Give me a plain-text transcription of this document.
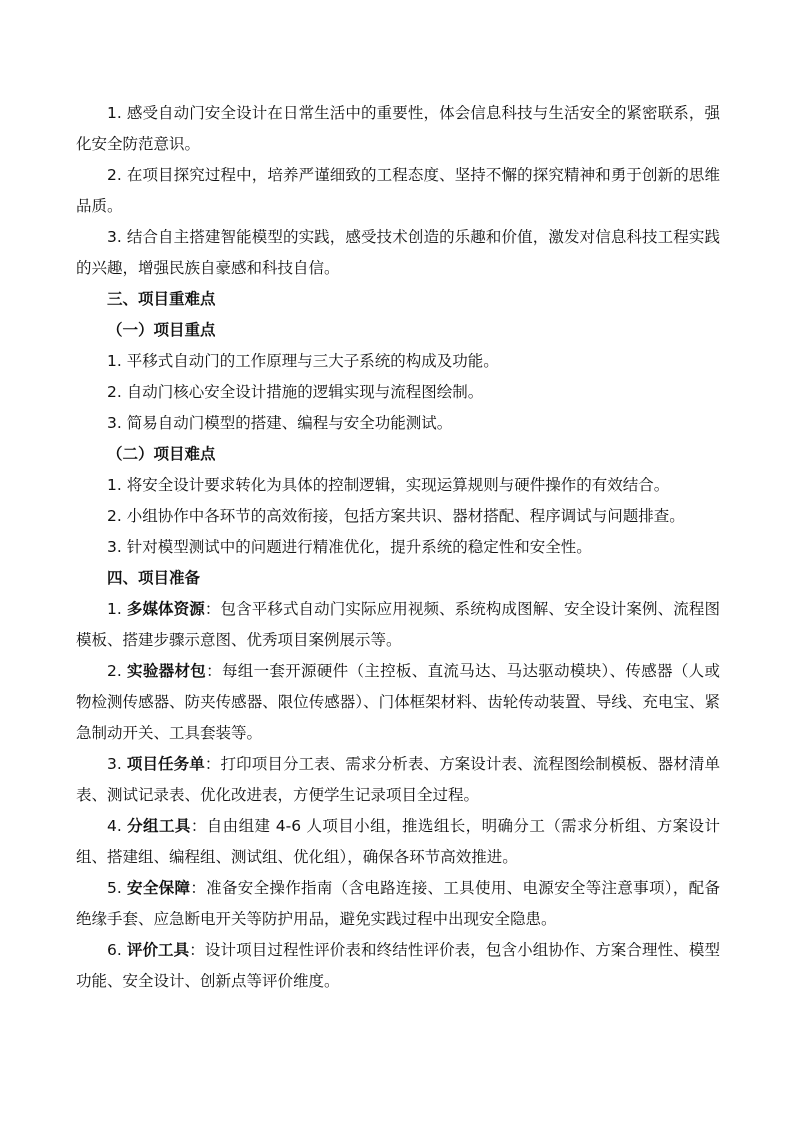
1. 感受自动门安全设计在日常生活中的重要性，体会信息科技与生活安全的紧密联系，强化安全防范意识。

2. 在项目探究过程中，培养严谨细致的工程态度、坚持不懈的探究精神和勇于创新的思维品质。

3. 结合自主搭建智能模型的实践，感受技术创造的乐趣和价值，激发对信息科技工程实践的兴趣，增强民族自豪感和科技自信。

三、项目重难点

（一）项目重点

1. 平移式自动门的工作原理与三大子系统的构成及功能。

2. 自动门核心安全设计措施的逻辑实现与流程图绘制。

3. 简易自动门模型的搭建、编程与安全功能测试。

（二）项目难点

1. 将安全设计要求转化为具体的控制逻辑，实现运算规则与硬件操作的有效结合。

2. 小组协作中各环节的高效衔接，包括方案共识、器材搭配、程序调试与问题排查。

3. 针对模型测试中的问题进行精准优化，提升系统的稳定性和安全性。

四、项目准备

1. 多媒体资源：包含平移式自动门实际应用视频、系统构成图解、安全设计案例、流程图模板、搭建步骤示意图、优秀项目案例展示等。

2. 实验器材包：每组一套开源硬件（主控板、直流马达、马达驱动模块）、传感器（人或物检测传感器、防夹传感器、限位传感器）、门体框架材料、齿轮传动装置、导线、充电宝、紧急制动开关、工具套装等。

3. 项目任务单：打印项目分工表、需求分析表、方案设计表、流程图绘制模板、器材清单表、测试记录表、优化改进表，方便学生记录项目全过程。

4. 分组工具：自由组建 4-6 人项目小组，推选组长，明确分工（需求分析组、方案设计组、搭建组、编程组、测试组、优化组），确保各环节高效推进。

5. 安全保障：准备安全操作指南（含电路连接、工具使用、电源安全等注意事项），配备绝缘手套、应急断电开关等防护用品，避免实践过程中出现安全隐患。

6. 评价工具：设计项目过程性评价表和终结性评价表，包含小组协作、方案合理性、模型功能、安全设计、创新点等评价维度。
